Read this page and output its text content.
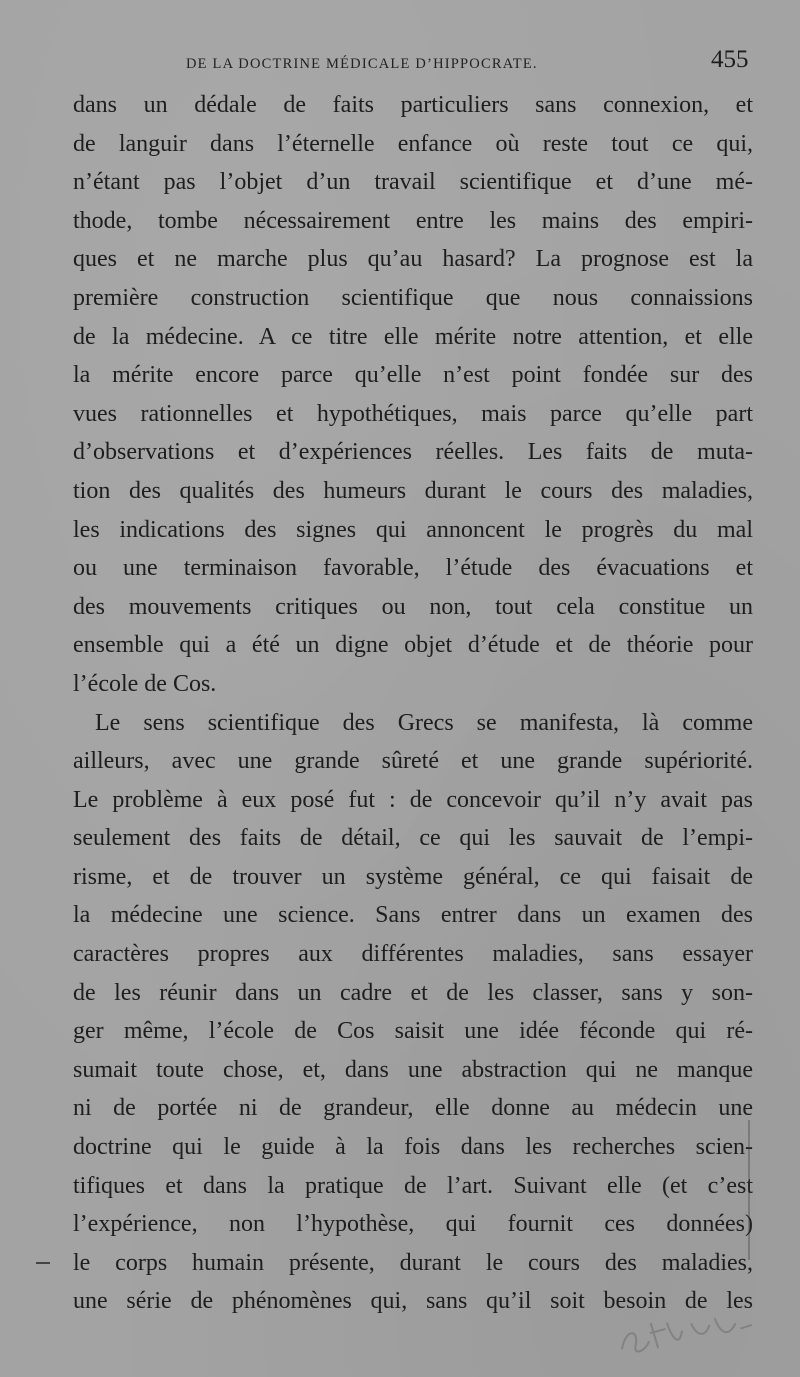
DE LA DOCTRINE MÉDICALE D’HIPPOCRATE.	455
dans un dédale de faits particuliers sans connexion, et
de languir dans l’éternelle enfance où reste tout ce qui,
n’étant pas l’objet d’un travail scientifique et d’une mé-
thode, tombe nécessairement entre les mains des empiri-
ques et ne marche plus qu’au hasard? La prognose est la
première construction scientifique que nous connaissions
de la médecine. A ce titre elle mérite notre attention, et elle
la mérite encore parce qu’elle n’est point fondée sur des
vues rationnelles et hypothétiques, mais parce qu’elle part
d’observations et d’expériences réelles. Les faits de muta-
tion des qualités des humeurs durant le cours des maladies,
les indications des signes qui annoncent le progrès du mal
ou une terminaison favorable, l’étude des évacuations et
des mouvements critiques ou non, tout cela constitue un
ensemble qui a été un digne objet d’étude et de théorie pour
l’école de Cos.
Le sens scientifique des Grecs se manifesta, là comme
ailleurs, avec une grande sûreté et une grande supériorité.
Le problème à eux posé fut : de concevoir qu’il n’y avait pas
seulement des faits de détail, ce qui les sauvait de l’empi-
risme, et de trouver un système général, ce qui faisait de
la médecine une science. Sans entrer dans un examen des
caractères propres aux différentes maladies, sans essayer
de les réunir dans un cadre et de les classer, sans y son-
ger même, l’école de Cos saisit une idée féconde qui ré-
sumait toute chose, et, dans une abstraction qui ne manque
ni de portée ni de grandeur, elle donne au médecin une
doctrine qui le guide à la fois dans les recherches scien-
tifiques et dans la pratique de l’art. Suivant elle (et c’est
l’expérience, non l’hypothèse, qui fournit ces données)
le corps humain présente, durant le cours des maladies,
une série de phénomènes qui, sans qu’il soit besoin de les
